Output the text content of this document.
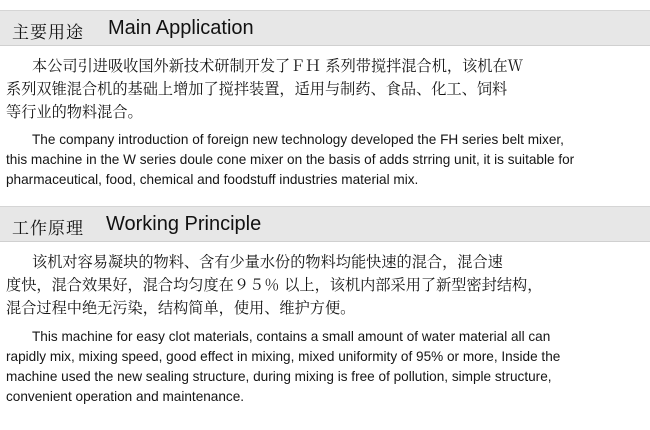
主要用途 Main Application
本公司引进吸收国外新技术研制开发了ＦＨ 系列带搅拌混合机，该机在Ｗ
系列双锥混合机的基础上增加了搅拌装置，适用与制药、食品、化工、饲料
等行业的物料混合。
The company introduction of foreign new technology developed the FH series belt mixer,
this machine in the W series doule cone mixer on the basis of adds strring unit, it is suitable for
pharmaceutical, food, chemical and foodstuff industries material mix.
工作原理 Working Principle
该机对容易凝块的物料、含有少量水份的物料均能快速的混合，混合速
度快，混合效果好，混合均匀度在９５％ 以上，该机内部采用了新型密封结构，
混合过程中绝无污染，结构简单，使用、维护方便。
This machine for easy clot materials, contains a small amount of water material all can
rapidly mix, mixing speed, good effect in mixing, mixed uniformity of 95% or more, Inside the
machine used the new sealing structure, during mixing is free of pollution, simple structure,
convenient operation and maintenance.
